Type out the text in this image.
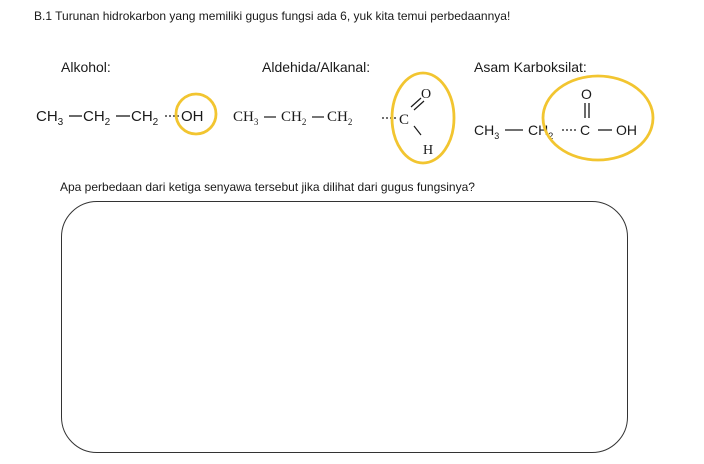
B.1 Turunan hidrokarbon yang memiliki gugus fungsi ada 6, yuk kita temui perbedaannya!
Alkohol:	Aldehida/Alkanal:	Asam Karboksilat:
$CH_3$ $CH_2$ $CH_2$ OH $CH_3$ $CH_2$ $CH_2$	C
O
H
$CH_3$ $CH_2$ C
O
OH
Apa perbedaan dari ketiga senyawa tersebut jika dilihat dari gugus fungsinya?
